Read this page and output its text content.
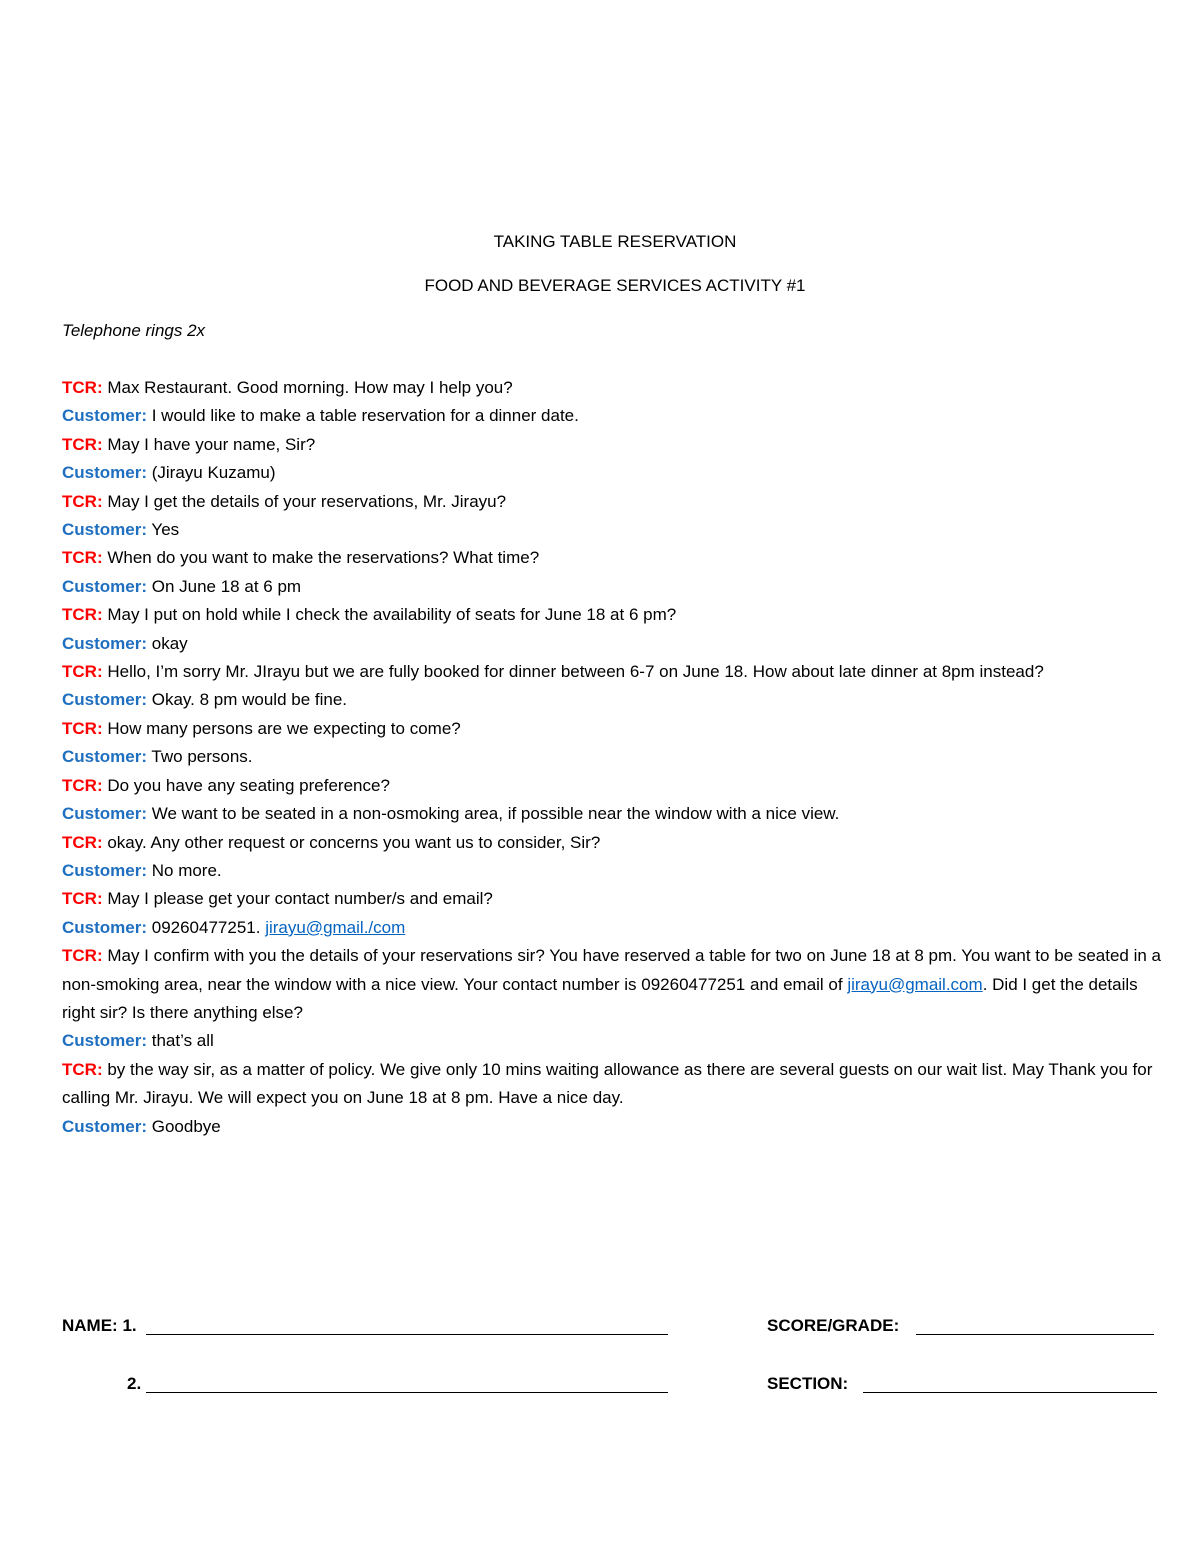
TAKING TABLE RESERVATION
FOOD AND BEVERAGE SERVICES ACTIVITY #1
Telephone rings 2x

TCR: Max Restaurant. Good morning. How may I help you?

Customer: I would like to make a table reservation for a dinner date.

TCR: May I have your name, Sir?

Customer: (Jirayu Kuzamu)

TCR: May I get the details of your reservations, Mr. Jirayu?

Customer: Yes

TCR: When do you want to make the reservations? What time?

Customer: On June 18 at 6 pm

TCR: May I put on hold while I check the availability of seats for June 18 at 6 pm?

Customer: okay

TCR: Hello, I’m sorry Mr. JIrayu but we are fully booked for dinner between 6-7 on June 18. How about late dinner at 8pm instead?

Customer: Okay. 8 pm would be fine.

TCR: How many persons are we expecting to come?

Customer: Two persons.

TCR: Do you have any seating preference?

Customer: We want to be seated in a non-osmoking area, if possible near the window with a nice view.

TCR: okay. Any other request or concerns you want us to consider, Sir?

Customer: No more.

TCR: May I please get your contact number/s and email?

Customer: 09260477251. jirayu@gmail./com

TCR: May I confirm with you the details of your reservations sir? You have reserved a table for two on June 18 at 8 pm. You want to be seated in a non-smoking area, near the window with a nice view. Your contact number is 09260477251 and email of jirayu@gmail.com. Did I get the details right sir? Is there anything else?

Customer: that’s all

TCR: by the way sir, as a matter of policy. We give only 10 mins waiting allowance as there are several guests on our wait list. May Thank you for calling Mr. Jirayu. We will expect you on June 18 at 8 pm. Have a nice day.

Customer: Goodbye

NAME: 1.
2.
SCORE/GRADE:
SECTION:
